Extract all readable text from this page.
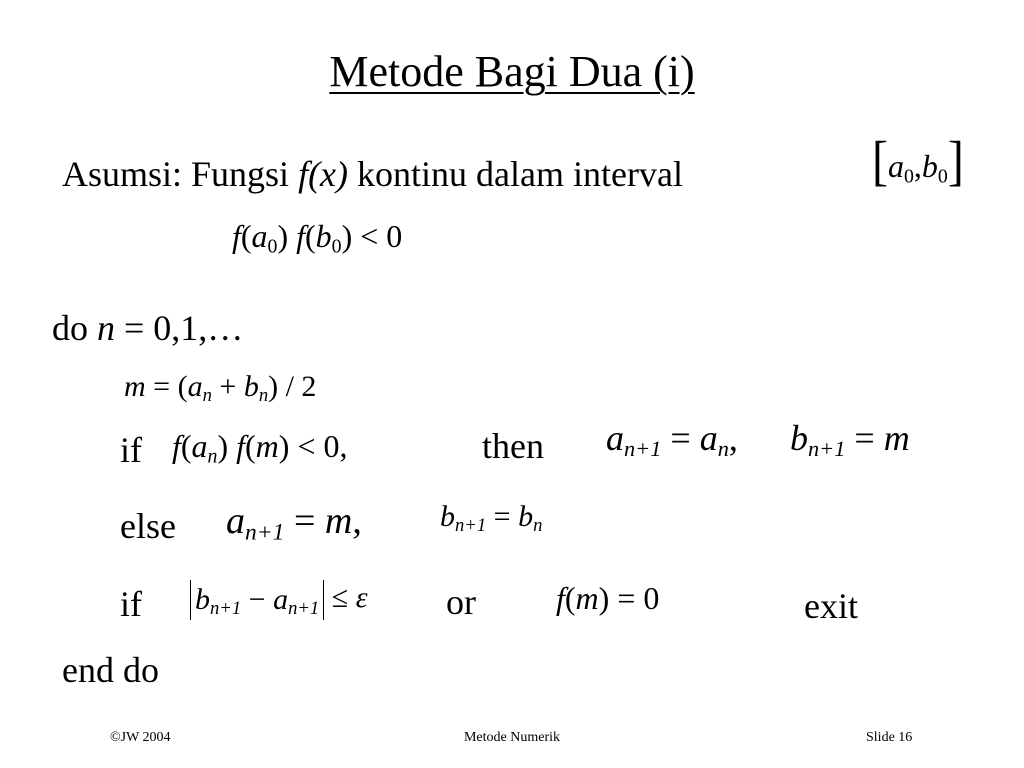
Metode Bagi Dua (i)
Asumsi: Fungsi f(x) kontinu dalam interval	$[a_0,b_0]$
$f(a_0) f(b_0) < 0$
do n = 0,1,…
$m = (a_n + b_n) / 2$
if $f(a_n) f(m) < 0$,	then $a_{n+1} = a_n$, $b_{n+1} = m$
else $a_{n+1} = m$,	$b_{n+1} = b_n$
if $b_{n+1} - a_{n+1} \le \varepsilon$ or	f(m) = 0	exit
end do
©JW 2004	Metode Numerik	Slide 16
